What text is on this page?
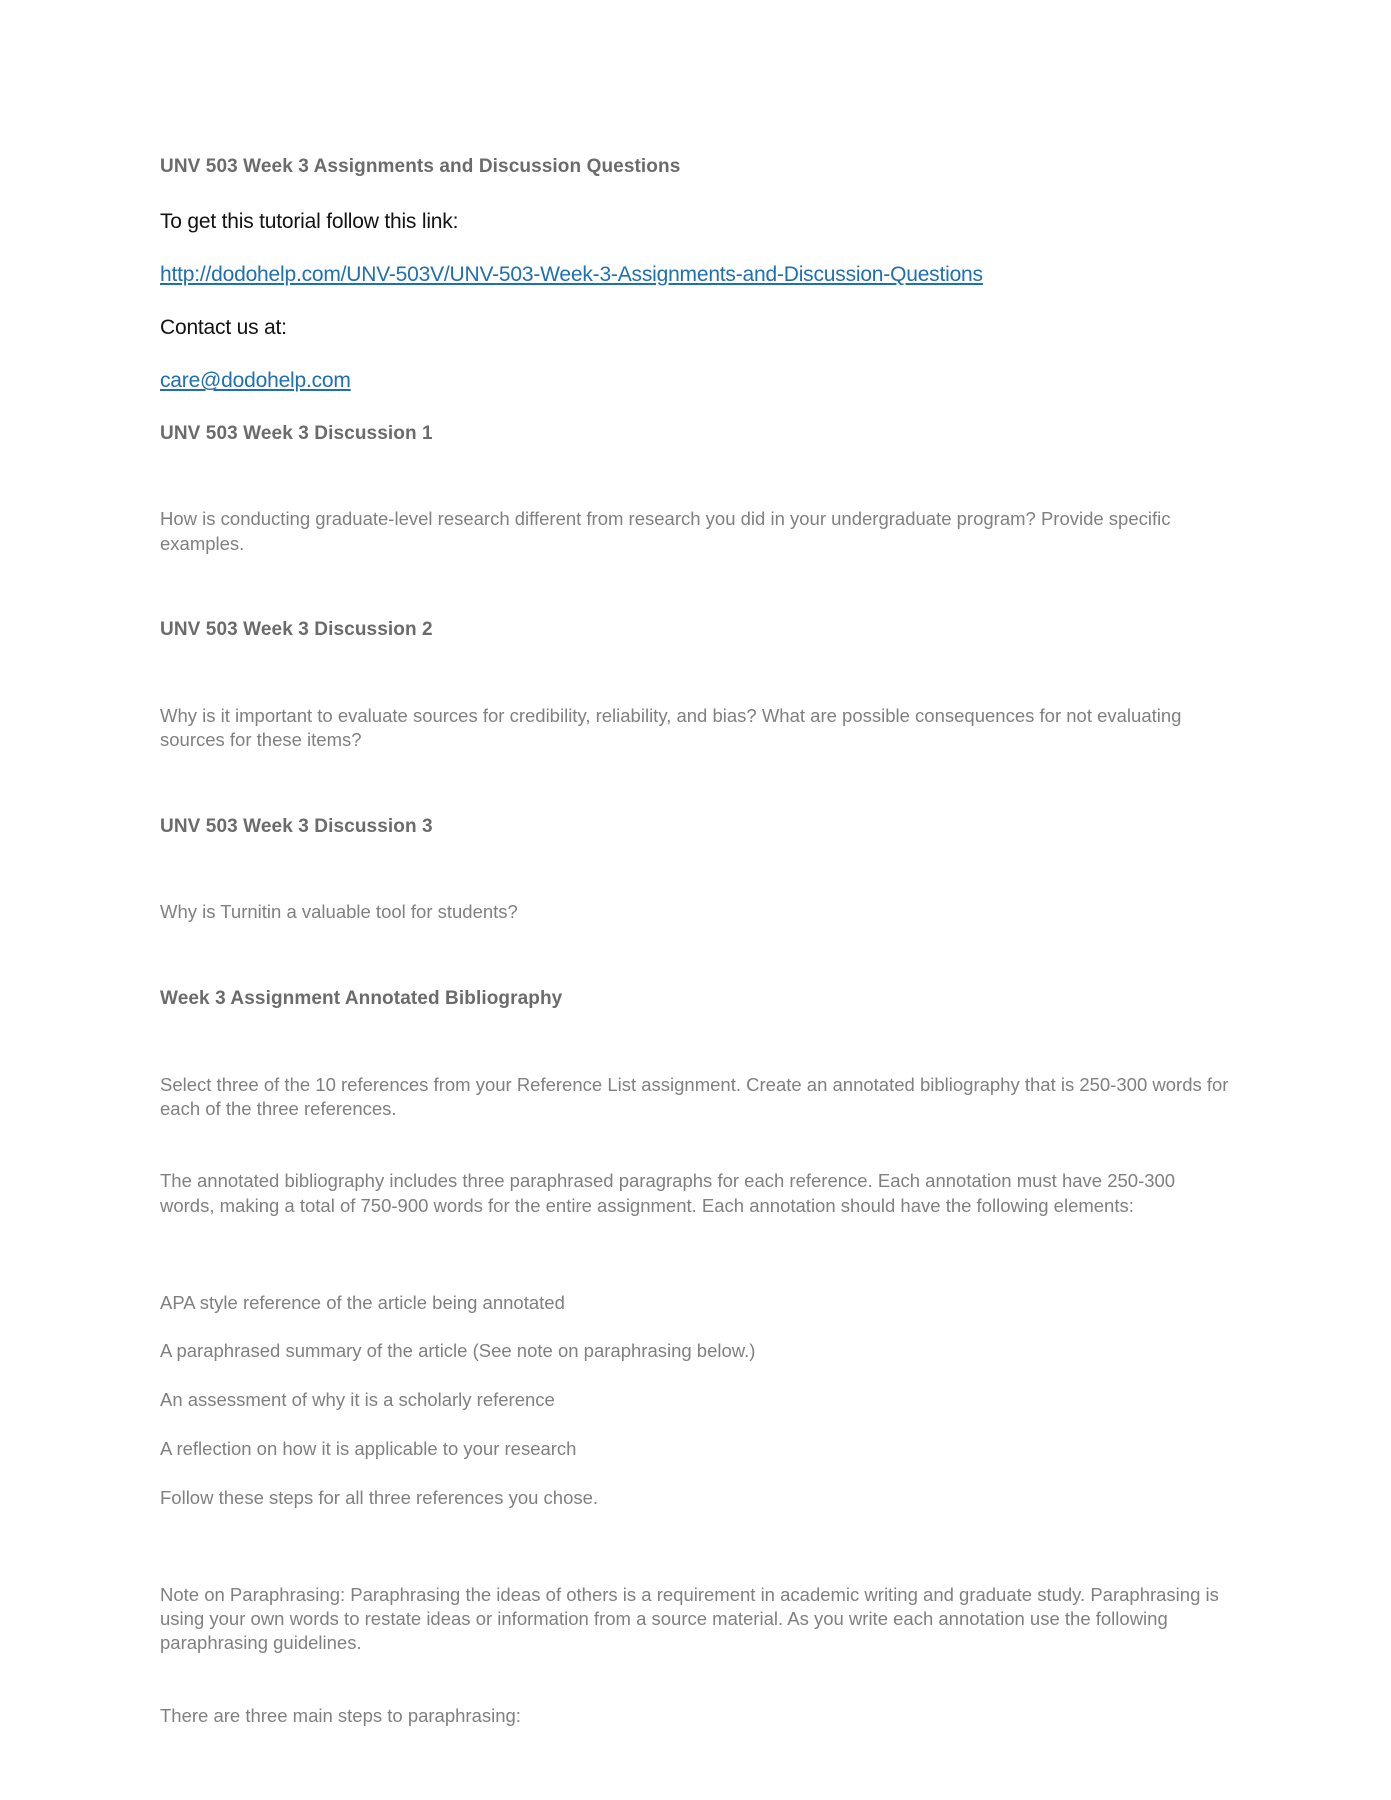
UNV 503 Week 3 Assignments and Discussion Questions

To get this tutorial follow this link:

http://dodohelp.com/UNV-503V/UNV-503-Week-3-Assignments-and-Discussion-Questions

Contact us at:

care@dodohelp.com

UNV 503 Week 3 Discussion 1

How is conducting graduate-level research different from research you did in your undergraduate program? Provide specific examples.

UNV 503 Week 3 Discussion 2

Why is it important to evaluate sources for credibility, reliability, and bias? What are possible consequences for not evaluating sources for these items?

UNV 503 Week 3 Discussion 3

Why is Turnitin a valuable tool for students?

Week 3 Assignment Annotated Bibliography

Select three of the 10 references from your Reference List assignment. Create an annotated bibliography that is 250-300 words for each of the three references.

The annotated bibliography includes three paraphrased paragraphs for each reference. Each annotation must have 250-300 words, making a total of 750-900 words for the entire assignment. Each annotation should have the following elements:

APA style reference of the article being annotated

A paraphrased summary of the article (See note on paraphrasing below.)

An assessment of why it is a scholarly reference

A reflection on how it is applicable to your research

Follow these steps for all three references you chose.

Note on Paraphrasing: Paraphrasing the ideas of others is a requirement in academic writing and graduate study. Paraphrasing is using your own words to restate ideas or information from a source material. As you write each annotation use the following paraphrasing guidelines.

There are three main steps to paraphrasing:
